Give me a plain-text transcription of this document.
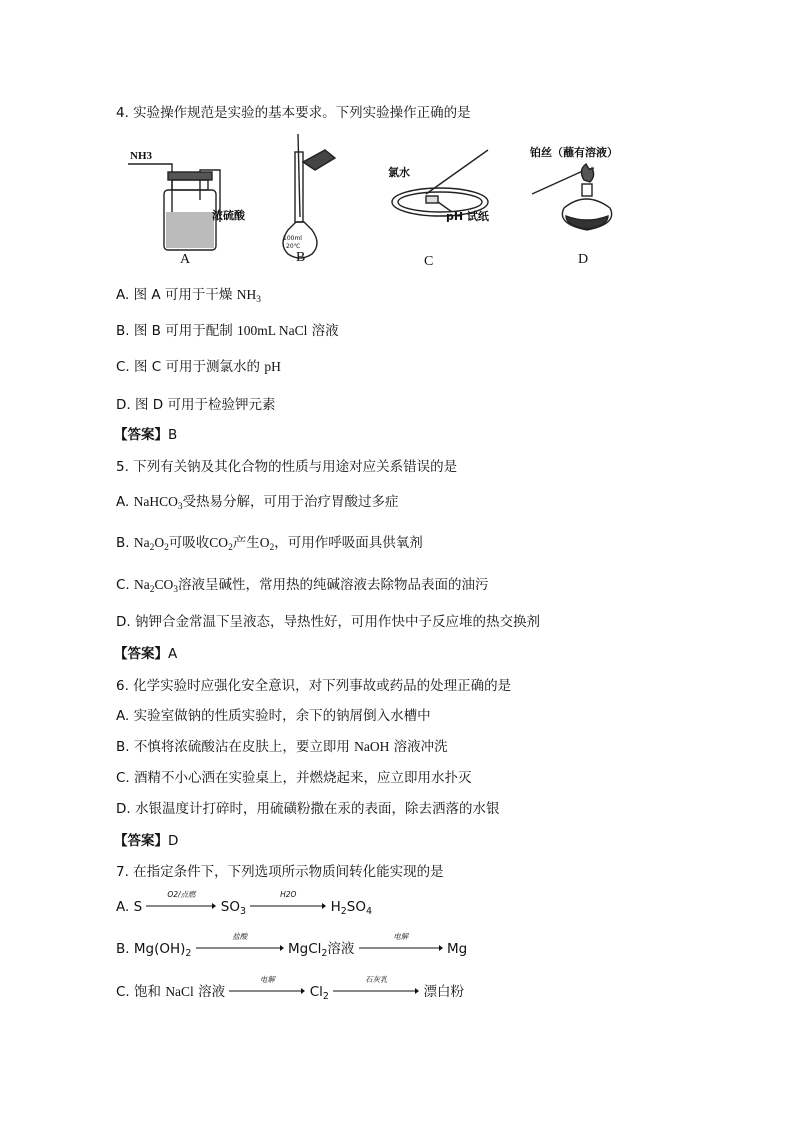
4. 实验操作规范是实验的基本要求。下列实验操作正确的是
NH3
浓硫酸
100ml
20℃
氯水
pH 试纸
铂丝（蘸有溶液）
A	B	C	D
A. 图 A 可用于干燥 $NH_3$
B. 图 B 可用于配制 100mL NaCl 溶液
C. 图 C 可用于测氯水的 pH
D. 图 D 可用于检验钾元素
【答案】B
5. 下列有关钠及其化合物的性质与用途对应关系错误的是
A. NaHCO$_3$受热易分解，可用于治疗胃酸过多症
B. $Na_2O_2$可吸收$CO_2$产生$O_2$，可用作呼吸面具供氧剂
C. $Na_2CO_3$溶液呈碱性，常用热的纯碱溶液去除物品表面的油污
D. 钠钾合金常温下呈液态，导热性好，可用作快中子反应堆的热交换剂
【答案】A
6. 化学实验时应强化安全意识，对下列事故或药品的处理正确的是
A. 实验室做钠的性质实验时，余下的钠屑倒入水槽中
B. 不慎将浓硫酸沾在皮肤上，要立即用 NaOH 溶液冲洗
C. 酒精不小心洒在实验桌上，并燃烧起来，应立即用水扑灭
D. 水银温度计打碎时，用硫磺粉撒在汞的表面，除去洒落的水银
【答案】D
7. 在指定条件下，下列选项所示物质间转化能实现的是
A. S
O2/点燃
$SO_3$
H2O
$H_2SO_4$
B. $Mg(OH)_2$
盐酸
MgCl$_2$溶液
电解
Mg
C. 饱和 NaCl 溶液
电解
$Cl_2$
石灰乳
漂白粉
